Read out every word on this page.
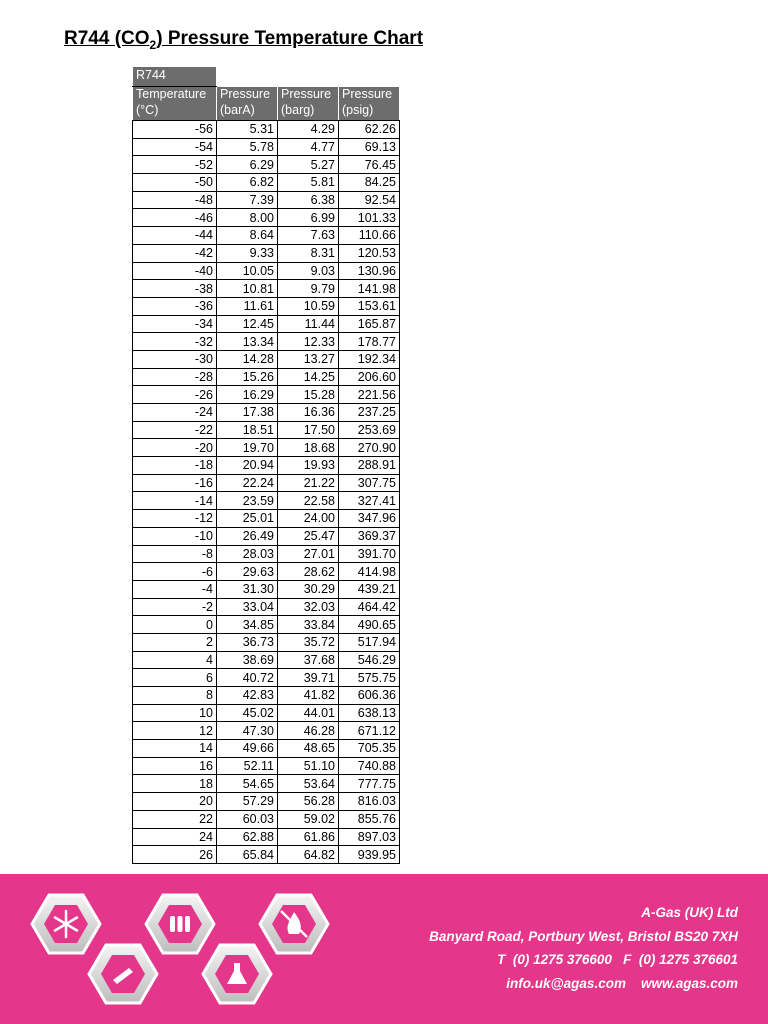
R744 $(CO_2)$ Pressure Temperature Chart
R744			
Temperature (°C)	Pressure (barA)	Pressure (barg)	Pressure (psig)
-56	5.31	4.29	62.26
-54	5.78	4.77	69.13
-52	6.29	5.27	76.45
-50	6.82	5.81	84.25
-48	7.39	6.38	92.54
-46	8.00	6.99	101.33
-44	8.64	7.63	110.66
-42	9.33	8.31	120.53
-40	10.05	9.03	130.96
-38	10.81	9.79	141.98
-36	11.61	10.59	153.61
-34	12.45	11.44	165.87
-32	13.34	12.33	178.77
-30	14.28	13.27	192.34
-28	15.26	14.25	206.60
-26	16.29	15.28	221.56
-24	17.38	16.36	237.25
-22	18.51	17.50	253.69
-20	19.70	18.68	270.90
-18	20.94	19.93	288.91
-16	22.24	21.22	307.75
-14	23.59	22.58	327.41
-12	25.01	24.00	347.96
-10	26.49	25.47	369.37
-8	28.03	27.01	391.70
-6	29.63	28.62	414.98
-4	31.30	30.29	439.21
-2	33.04	32.03	464.42
0	34.85	33.84	490.65
2	36.73	35.72	517.94
4	38.69	37.68	546.29
6	40.72	39.71	575.75
8	42.83	41.82	606.36
10	45.02	44.01	638.13
12	47.30	46.28	671.12
14	49.66	48.65	705.35
16	52.11	51.10	740.88
18	54.65	53.64	777.75
20	57.29	56.28	816.03
22	60.03	59.02	855.76
24	62.88	61.86	897.03
26	65.84	64.82	939.95
A-Gas (UK) Ltd
Banyard Road, Portbury West, Bristol BS20 7XH
T  (0) 1275 376600   F  (0) 1275 376601
info.uk@agas.com    www.agas.com
